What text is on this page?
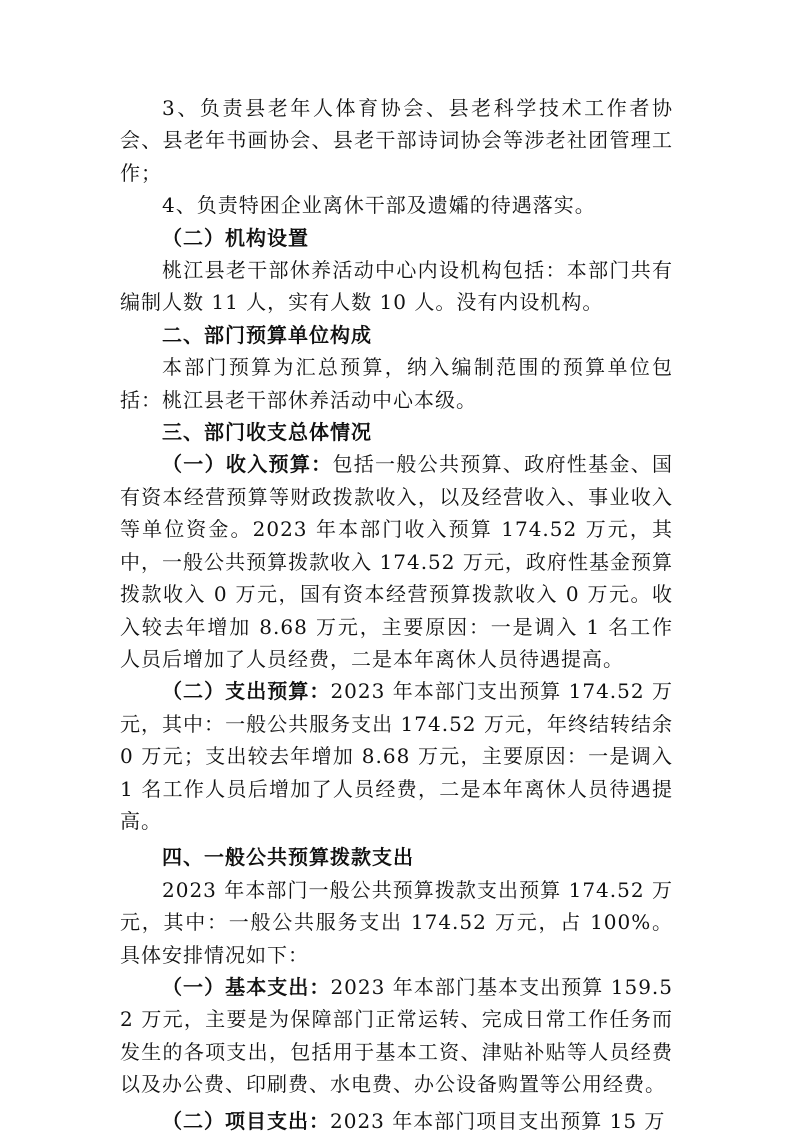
3、负责县老年人体育协会、县老科学技术工作者协会、县老年书画协会、县老干部诗词协会等涉老社团管理工作；

4、负责特困企业离休干部及遗孀的待遇落实。

（二）机构设置

桃江县老干部休养活动中心内设机构包括：本部门共有编制人数 11 人，实有人数 10 人。没有内设机构。

二、部门预算单位构成

本部门预算为汇总预算，纳入编制范围的预算单位包括：桃江县老干部休养活动中心本级。

三、部门收支总体情况

（一）收入预算：包括一般公共预算、政府性基金、国有资本经营预算等财政拨款收入，以及经营收入、事业收入等单位资金。2023 年本部门收入预算 174.52 万元，其中，一般公共预算拨款收入 174.52 万元，政府性基金预算拨款收入 0 万元，国有资本经营预算拨款收入 0 万元。收入较去年增加 8.68 万元，主要原因：一是调入 1 名工作人员后增加了人员经费，二是本年离休人员待遇提高。

（二）支出预算：2023 年本部门支出预算 174.52 万元，其中：一般公共服务支出 174.52 万元，年终结转结余 0 万元；支出较去年增加 8.68 万元，主要原因：一是调入 1 名工作人员后增加了人员经费，二是本年离休人员待遇提高。

四、一般公共预算拨款支出

2023 年本部门一般公共预算拨款支出预算 174.52 万元，其中：一般公共服务支出 174.52 万元，占 100%。具体安排情况如下：

（一）基本支出：2023 年本部门基本支出预算 159.52 万元，主要是为保障部门正常运转、完成日常工作任务而发生的各项支出，包括用于基本工资、津贴补贴等人员经费以及办公费、印刷费、水电费、办公设备购置等公用经费。

（二）项目支出：2023 年本部门项目支出预算 15 万
